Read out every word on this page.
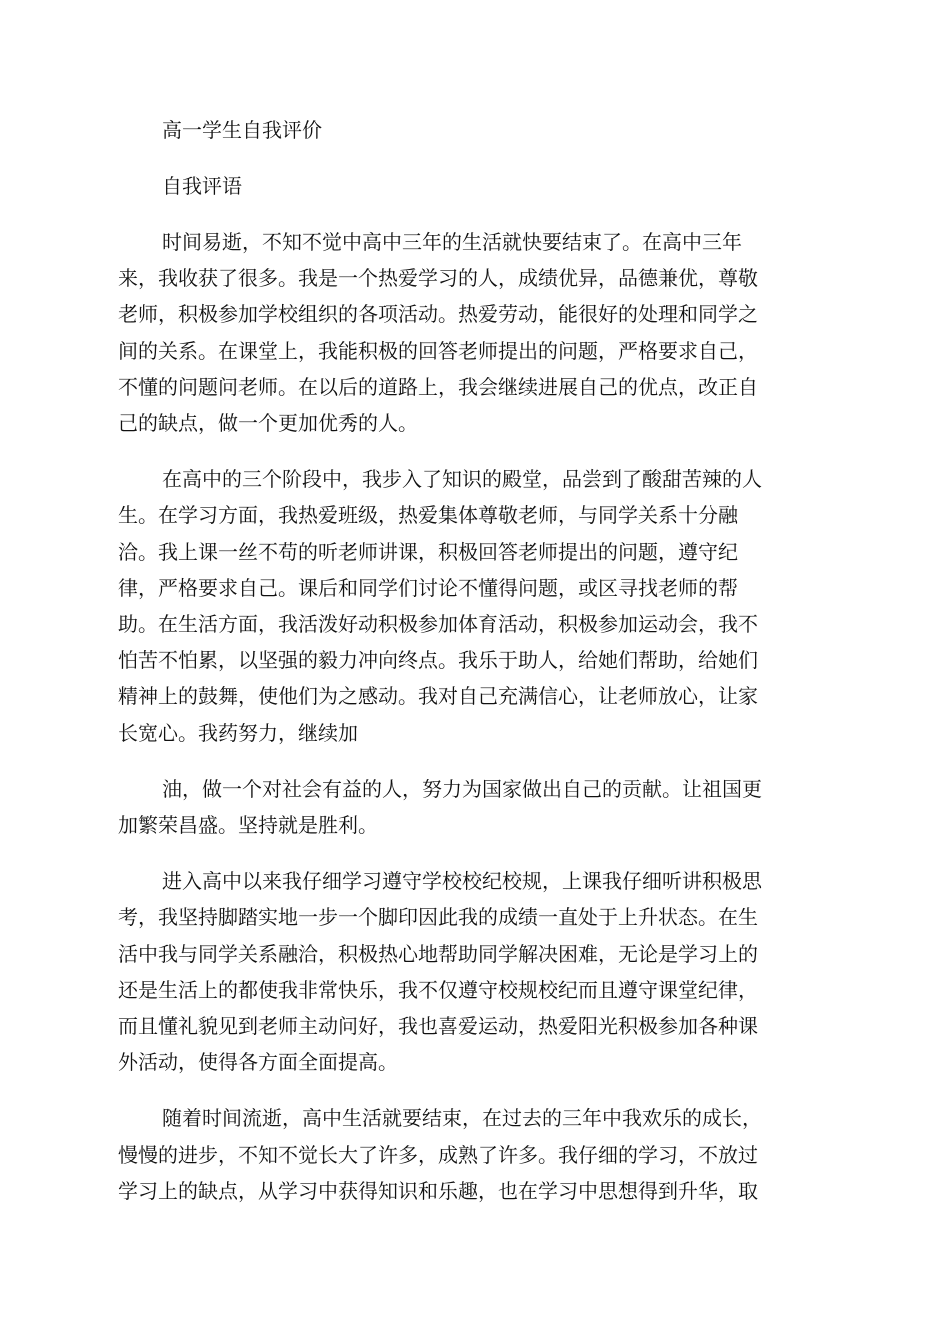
高一学生自我评价
自我评语
时间易逝，不知不觉中高中三年的生活就快要结束了。在高中三年
来，我收获了很多。我是一个热爱学习的人，成绩优异，品德兼优，尊敬
老师，积极参加学校组织的各项活动。热爱劳动，能很好的处理和同学之
间的关系。在课堂上，我能积极的回答老师提出的问题，严格要求自己，
不懂的问题问老师。在以后的道路上，我会继续进展自己的优点，改正自
己的缺点，做一个更加优秀的人。
在高中的三个阶段中，我步入了知识的殿堂，品尝到了酸甜苦辣的人
生。在学习方面，我热爱班级，热爱集体尊敬老师，与同学关系十分融
洽。我上课一丝不苟的听老师讲课，积极回答老师提出的问题，遵守纪
律，严格要求自己。课后和同学们讨论不懂得问题，或区寻找老师的帮
助。在生活方面，我活泼好动积极参加体育活动，积极参加运动会，我不
怕苦不怕累，以坚强的毅力冲向终点。我乐于助人，给她们帮助，给她们
精神上的鼓舞，使他们为之感动。我对自己充满信心，让老师放心，让家
长宽心。我药努力，继续加
油，做一个对社会有益的人，努力为国家做出自己的贡献。让祖国更
加繁荣昌盛。坚持就是胜利。
进入高中以来我仔细学习遵守学校校纪校规，上课我仔细听讲积极思
考，我坚持脚踏实地一步一个脚印因此我的成绩一直处于上升状态。在生
活中我与同学关系融洽，积极热心地帮助同学解决困难，无论是学习上的
还是生活上的都使我非常快乐，我不仅遵守校规校纪而且遵守课堂纪律，
而且懂礼貌见到老师主动问好，我也喜爱运动，热爱阳光积极参加各种课
外活动，使得各方面全面提高。
随着时间流逝，高中生活就要结束，在过去的三年中我欢乐的成长，
慢慢的进步，不知不觉长大了许多，成熟了许多。我仔细的学习，不放过
学习上的缺点，从学习中获得知识和乐趣，也在学习中思想得到升华，取
